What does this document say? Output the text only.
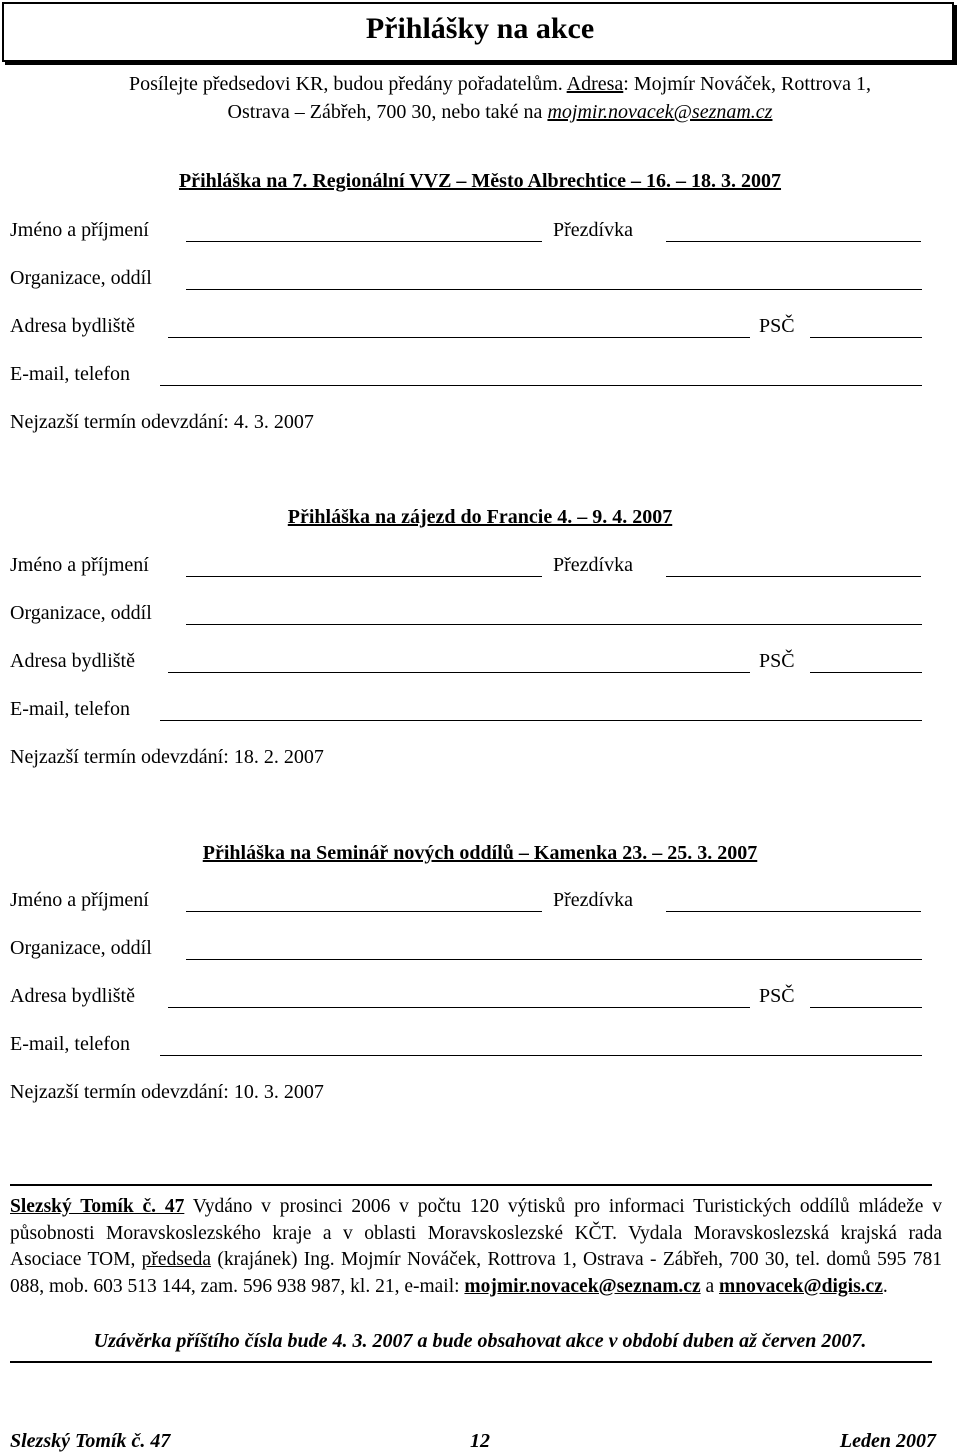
Přihlášky na akce
Posílejte předsedovi KR, budou předány pořadatelům. Adresa: Mojmír Nováček, Rottrova 1,
Ostrava – Zábřeh, 700 30, nebo také na mojmir.novacek@seznam.cz
Přihláška na 7. Regionální VVZ – Město Albrechtice – 16. – 18. 3. 2007
Jméno a příjmení	Přezdívka
Organizace, oddíl
Adresa bydliště	PSČ
E-mail, telefon
Nejzazší termín odevzdání: 4. 3. 2007
Přihláška na zájezd do Francie 4. – 9. 4. 2007
Jméno a příjmení	Přezdívka
Organizace, oddíl
Adresa bydliště	PSČ
E-mail, telefon
Nejzazší termín odevzdání: 18. 2. 2007
Přihláška na Seminář nových oddílů – Kamenka 23. – 25. 3. 2007
Jméno a příjmení	Přezdívka
Organizace, oddíl
Adresa bydliště	PSČ
E-mail, telefon
Nejzazší termín odevzdání: 10. 3. 2007
Slezský Tomík č. 47 Vydáno v prosinci 2006 v počtu 120 výtisků pro informaci Turistických oddílů mládeže v působnosti Moravskoslezského kraje a v oblasti Moravskoslezské KČT. Vydala Moravskoslezská krajská rada Asociace TOM, předseda (krajánek) Ing. Mojmír Nováček, Rottrova 1, Ostrava - Zábřeh, 700 30, tel. domů 595 781 088, mob. 603 513 144, zam. 596 938 987, kl. 21, e-mail: mojmir.novacek@seznam.cz a mnovacek@digis.cz.
Uzávěrka příštího čísla bude 4. 3. 2007 a bude obsahovat akce v období duben až červen 2007.
Slezský Tomík č. 47	12	Leden 2007
